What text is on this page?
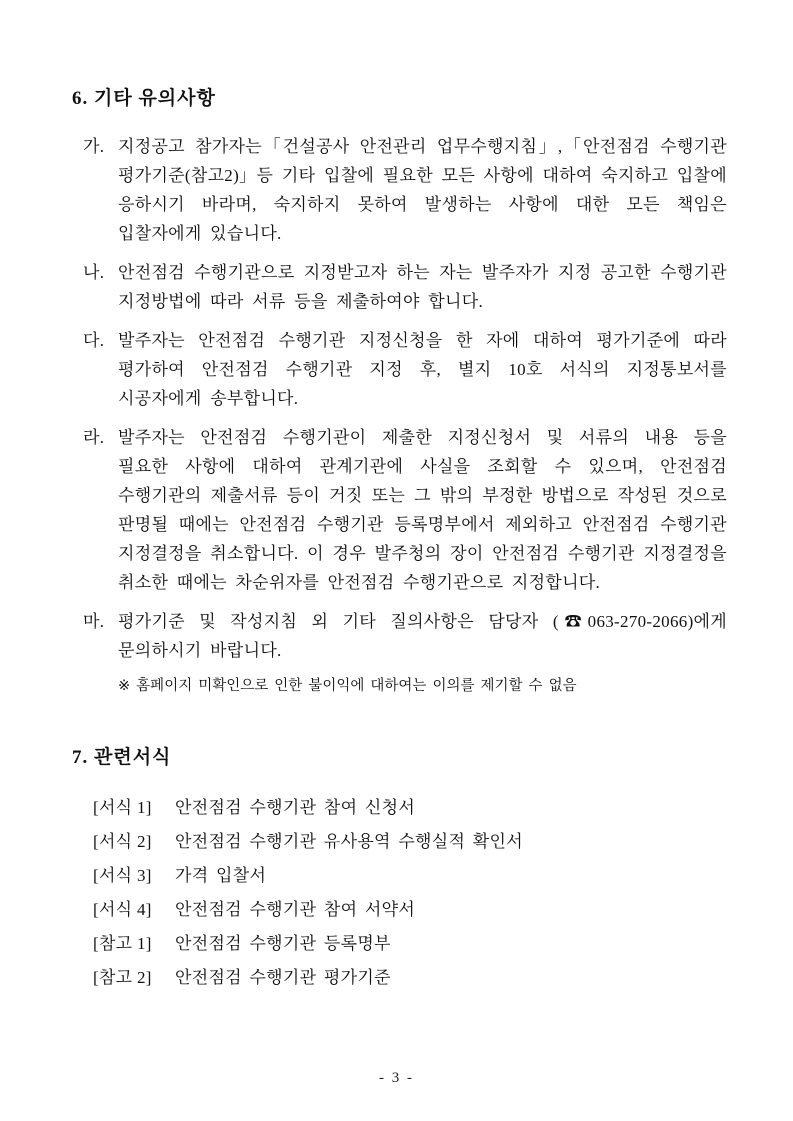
6. 기타 유의사항
가. 지정공고 참가자는「건설공사 안전관리 업무수행지침」,「안전점검 수행기관 평가기준(참고2)」등 기타 입찰에 필요한 모든 사항에 대하여 숙지하고 입찰에 응하시기 바라며, 숙지하지 못하여 발생하는 사항에 대한 모든 책임은 입찰자에게 있습니다.
나. 안전점검 수행기관으로 지정받고자 하는 자는 발주자가 지정 공고한 수행기관 지정방법에 따라 서류 등을 제출하여야 합니다.
다. 발주자는 안전점검 수행기관 지정신청을 한 자에 대하여 평가기준에 따라 평가하여 안전점검 수행기관 지정 후, 별지 10호 서식의 지정통보서를 시공자에게 송부합니다.
라. 발주자는 안전점검 수행기관이 제출한 지정신청서 및 서류의 내용 등을 필요한 사항에 대하여 관계기관에 사실을 조회할 수 있으며, 안전점검 수행기관의 제출서류 등이 거짓 또는 그 밖의 부정한 방법으로 작성된 것으로 판명될 때에는 안전점검 수행기관 등록명부에서 제외하고 안전점검 수행기관 지정결정을 취소합니다. 이 경우 발주청의 장이 안전점검 수행기관 지정결정을 취소한 때에는 차순위자를 안전점검 수행기관으로 지정합니다.
마. 평가기준 및 작성지침 외 기타 질의사항은 담당자 (☎063-270-2066)에게 문의하시기 바랍니다.
※ 홈페이지 미확인으로 인한 불이익에 대하여는 이의를 제기할 수 없음
7. 관련서식
[서식 1]	안전점검 수행기관 참여 신청서
[서식 2]	안전점검 수행기관 유사용역 수행실적 확인서
[서식 3]	가격 입찰서
[서식 4]	안전점검 수행기관 참여 서약서
[참고 1]	안전점검 수행기관 등록명부
[참고 2]	안전점검 수행기관 평가기준
- 3 -
